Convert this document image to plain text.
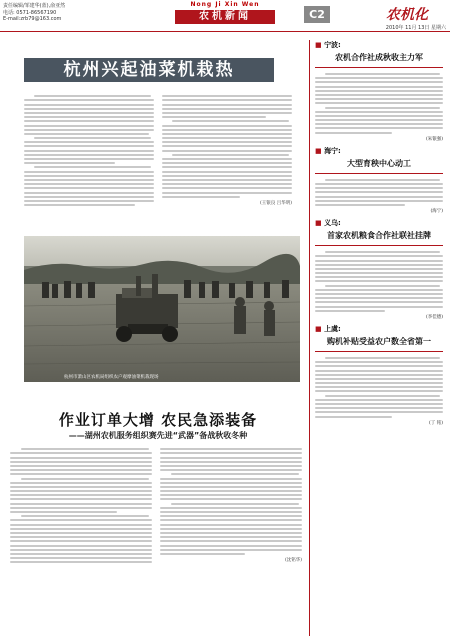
责任编辑/邹建华(蓝),俞亚然
电话: 0571-86567190
E-mail:zrb79@163.com
Nong Ji Xin Wen
农机新闻	C2	农机化
2010年 11月 13日 星期六
杭州兴起油菜机栽热
(王银良 吕华明)
杭州市萧山区农机局组织农户观摩油菜机栽现场
作业订单大增 农民急添装备
——湖州农机服务组织赛先进“武器”备战秋收冬种
(沈铭华)
■ 宁波:
农机合作社成秋收主力军
(朱银强)
■ 海宁:
大型育秧中心动工
(海宁)
■ 义乌:
首家农机粮食合作社联社挂牌
(李佳德)
■ 上虞:
购机补贴受益农户数全省第一
(丁 铭)
